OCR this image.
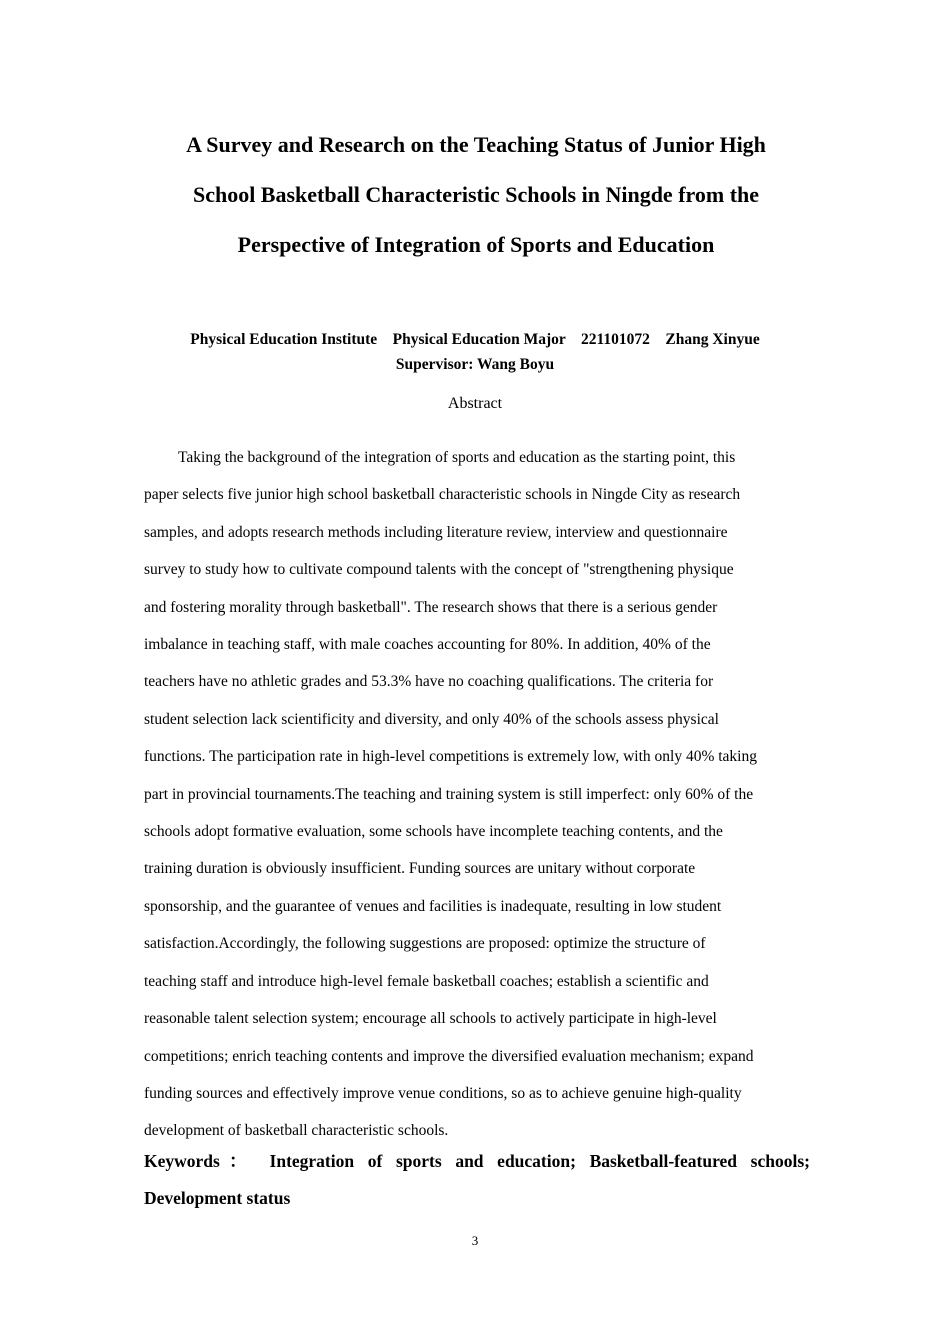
A Survey and Research on the Teaching Status of Junior High
School Basketball Characteristic Schools in Ningde from the
Perspective of Integration of Sports and Education
Physical Education Institute    Physical Education Major    221101072    Zhang Xinyue
Supervisor: Wang Boyu
Abstract
Taking the background of the integration of sports and education as the starting point, this
paper selects five junior high school basketball characteristic schools in Ningde City as research
samples, and adopts research methods including literature review, interview and questionnaire
survey to study how to cultivate compound talents with the concept of "strengthening physique
and fostering morality through basketball". The research shows that there is a serious gender
imbalance in teaching staff, with male coaches accounting for 80%. In addition, 40% of the
teachers have no athletic grades and 53.3% have no coaching qualifications. The criteria for
student selection lack scientificity and diversity, and only 40% of the schools assess physical
functions. The participation rate in high-level competitions is extremely low, with only 40% taking
part in provincial tournaments.The teaching and training system is still imperfect: only 60% of the
schools adopt formative evaluation, some schools have incomplete teaching contents, and the
training duration is obviously insufficient. Funding sources are unitary without corporate
sponsorship, and the guarantee of venues and facilities is inadequate, resulting in low student
satisfaction.Accordingly, the following suggestions are proposed: optimize the structure of
teaching staff and introduce high-level female basketball coaches; establish a scientific and
reasonable talent selection system; encourage all schools to actively participate in high-level
competitions; enrich teaching contents and improve the diversified evaluation mechanism; expand
funding sources and effectively improve venue conditions, so as to achieve genuine high-quality
development of basketball characteristic schools.
Keywords： Integration of sports and education; Basketball-featured schools;
Development status
3
